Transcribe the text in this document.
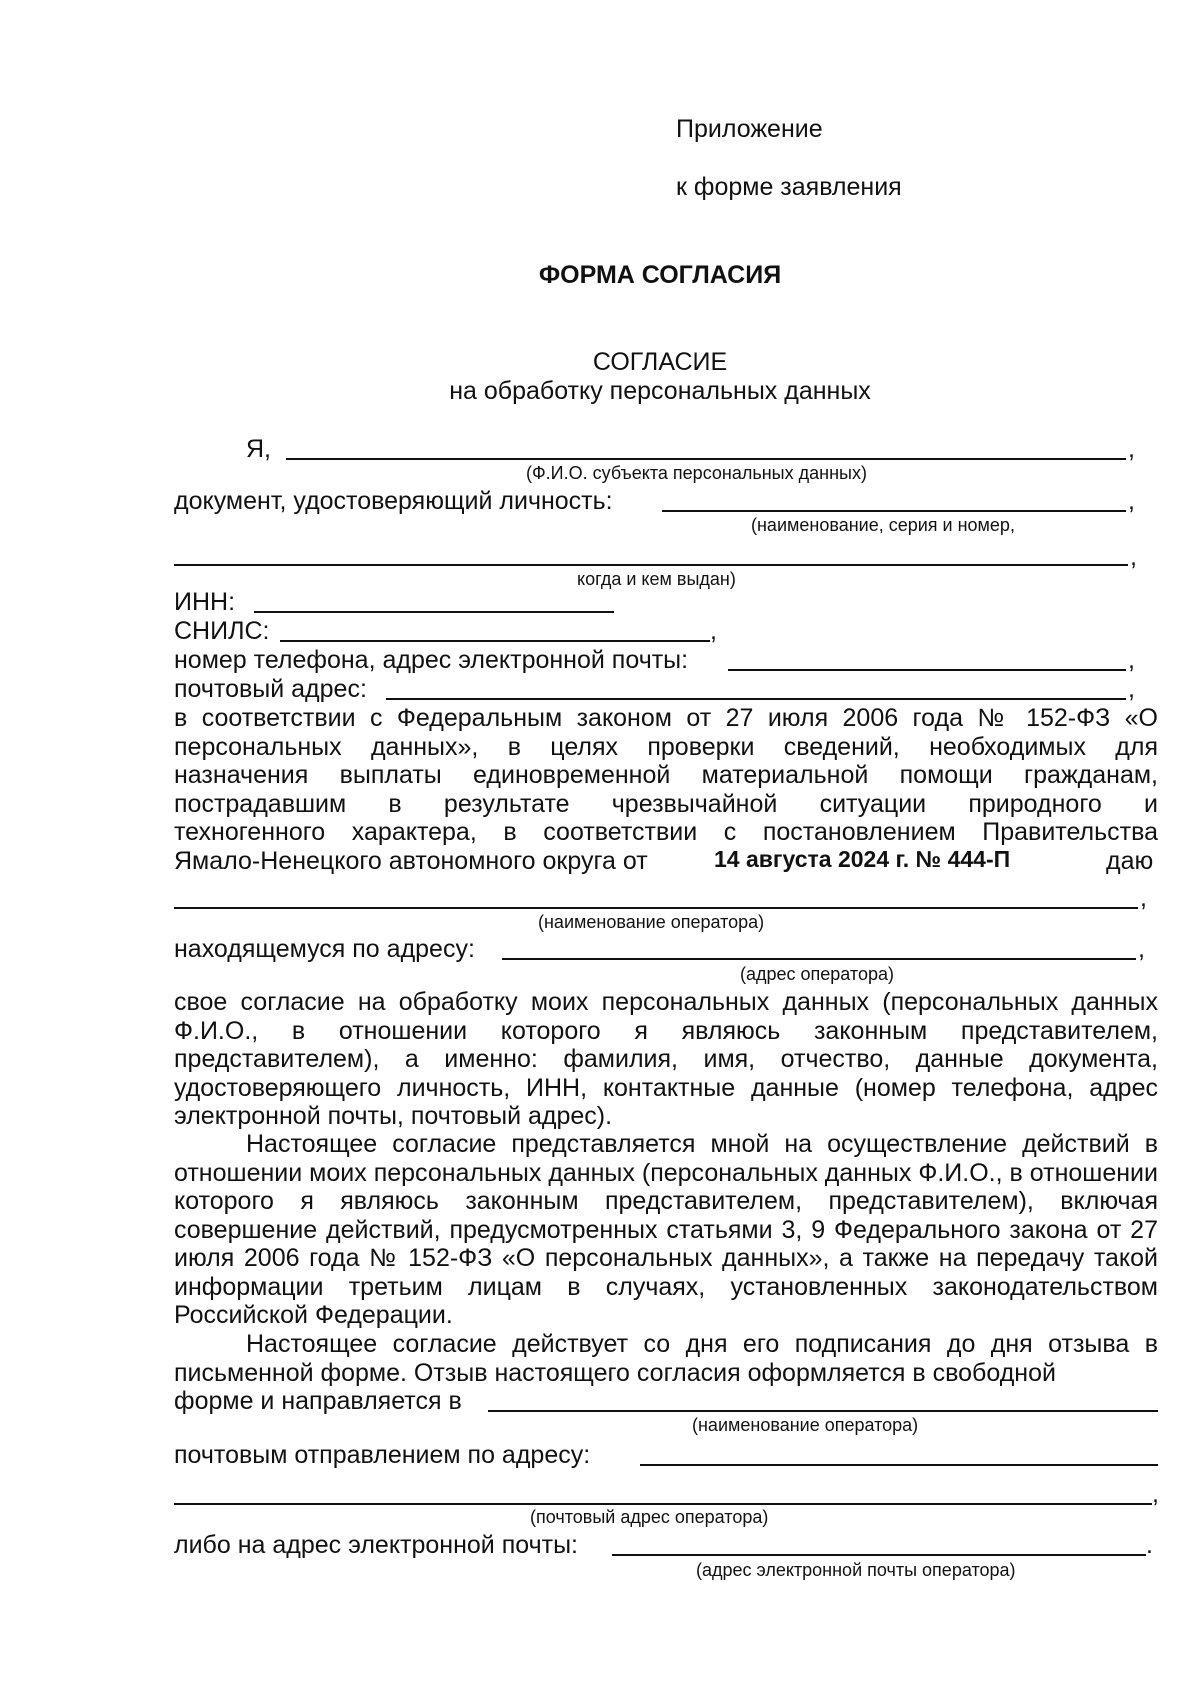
Приложение
к форме заявления
ФОРМА СОГЛАСИЯ
СОГЛАСИЕ
на обработку персональных данных
Я,	,
(Ф.И.О. субъекта персональных данных)
документ, удостоверяющий личность:	,
(наименование, серия и номер,
,
когда и кем выдан)
ИНН:
СНИЛС:	,
номер телефона, адрес электронной почты:	,
почтовый адрес:	,
в соответствии с Федеральным законом от 27 июля 2006 года № 152-ФЗ «О
персональных данных», в целях проверки сведений, необходимых для
назначения выплаты единовременной материальной помощи гражданам,
пострадавшим в результате чрезвычайной ситуации природного и
техногенного характера, в соответствии с постановлением Правительства
Ямало-Ненецкого автономного округа от	14 августа 2024 г. № 444-П	даю
,
(наименование оператора)
находящемуся по адресу:	,
(адрес оператора)
свое согласие на обработку моих персональных данных (персональных данных Ф.И.О., в отношении которого я являюсь законным представителем, представителем), а именно: фамилия, имя, отчество, данные документа, удостоверяющего личность, ИНН, контактные данные (номер телефона, адрес электронной почты, почтовый адрес).
Настоящее согласие представляется мной на осуществление действий в отношении моих персональных данных (персональных данных Ф.И.О., в отношении которого я являюсь законным представителем, представителем), включая совершение действий, предусмотренных статьями 3, 9 Федерального закона от 27 июля 2006 года № 152-ФЗ «О персональных данных», а также на передачу такой информации третьим лицам в случаях, установленных законодательством Российской Федерации.
Настоящее согласие действует со дня его подписания до дня отзыва в письменной форме. Отзыв настоящего согласия оформляется в свободной
форме и направляется в
(наименование оператора)
почтовым отправлением по адресу:
,
(почтовый адрес оператора)
либо на адрес электронной почты:	.
(адрес электронной почты оператора)
